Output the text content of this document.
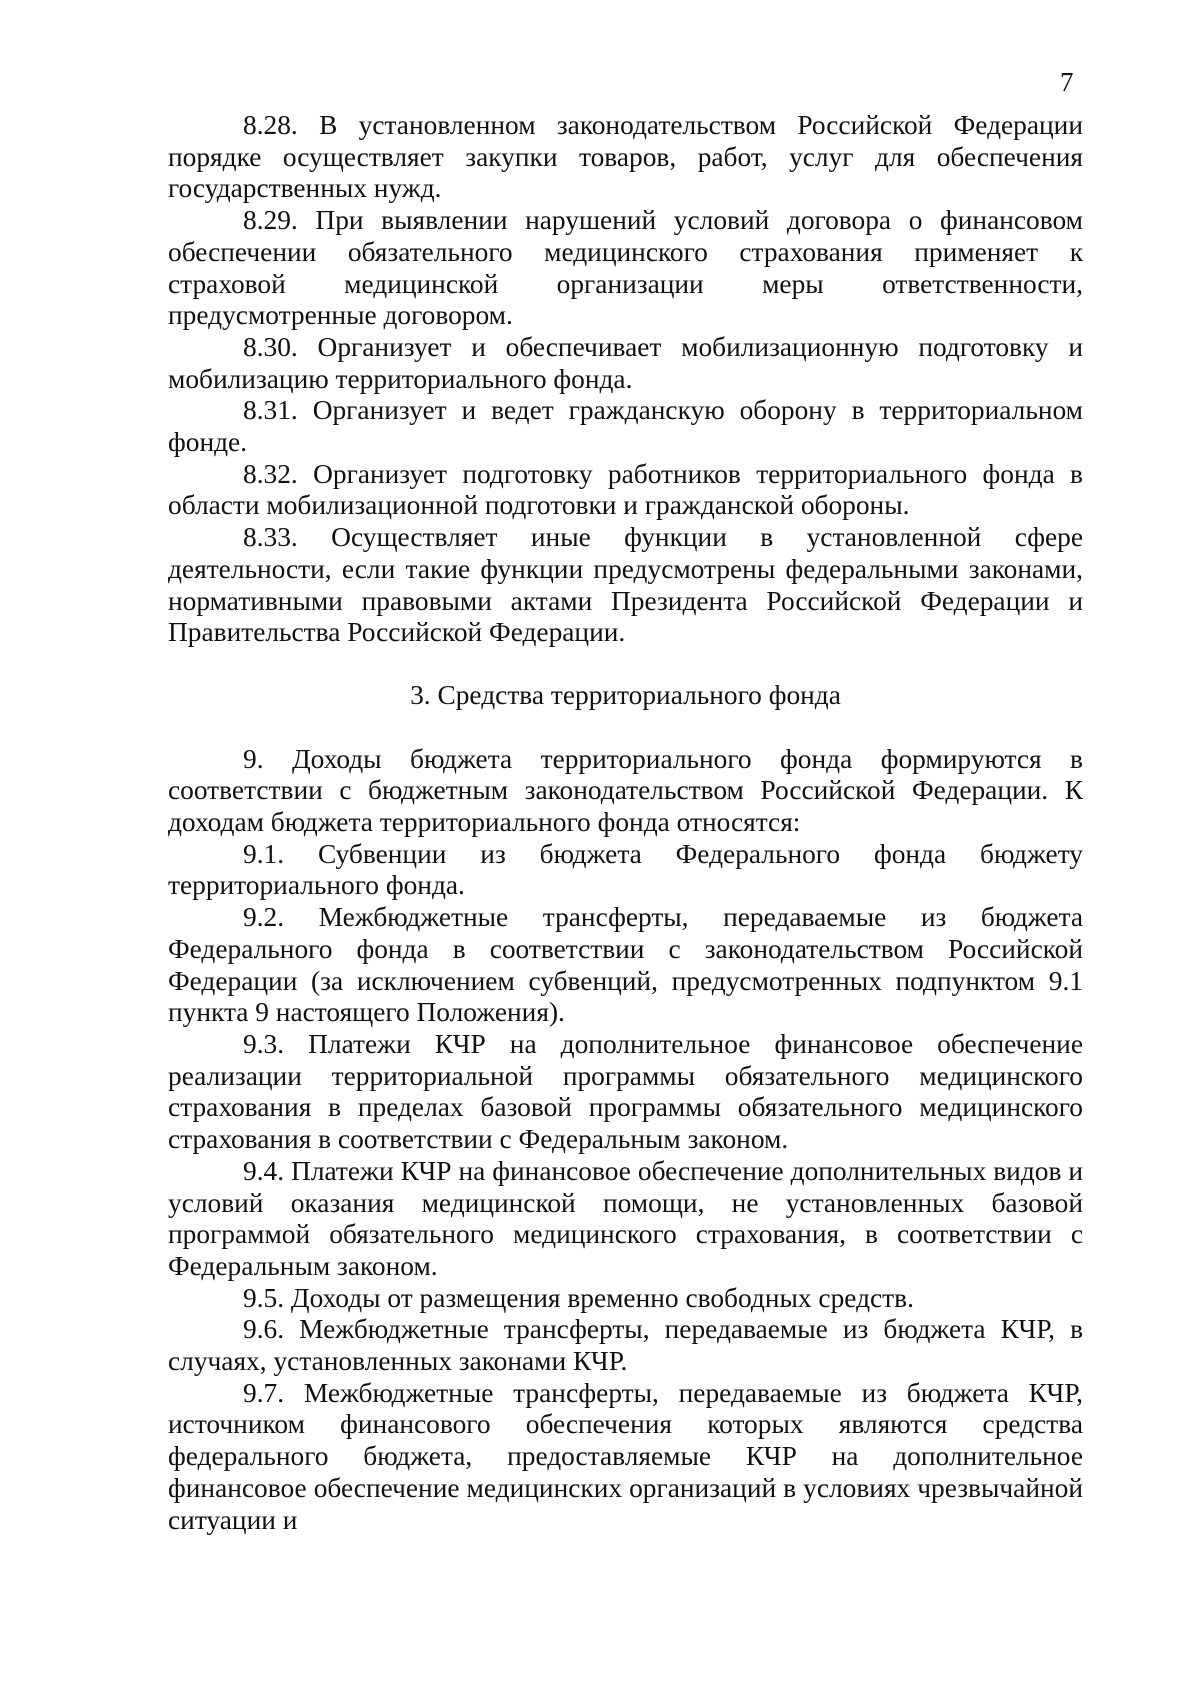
7

8.28. В установленном законодательством Российской Федерации порядке осуществляет закупки товаров, работ, услуг для обеспечения государственных нужд.

8.29. При выявлении нарушений условий договора о финансовом обеспечении обязательного медицинского страхования применяет к страховой медицинской организации меры ответственности, предусмотренные договором.

8.30. Организует и обеспечивает мобилизационную подготовку и мобилизацию территориального фонда.

8.31. Организует и ведет гражданскую оборону в территориальном фонде.

8.32. Организует подготовку работников территориального фонда в области мобилизационной подготовки и гражданской обороны.

8.33. Осуществляет иные функции в установленной сфере деятельности, если такие функции предусмотрены федеральными законами, нормативными правовыми актами Президента Российской Федерации и Правительства Российской Федерации.

3. Средства территориального фонда

9. Доходы бюджета территориального фонда формируются в соответствии с бюджетным законодательством Российской Федерации. К доходам бюджета территориального фонда относятся:

9.1. Субвенции из бюджета Федерального фонда бюджету территориального фонда.

9.2. Межбюджетные трансферты, передаваемые из бюджета Федерального фонда в соответствии с законодательством Российской Федерации (за исключением субвенций, предусмотренных подпунктом 9.1 пункта 9 настоящего Положения).

9.3. Платежи КЧР на дополнительное финансовое обеспечение реализации территориальной программы обязательного медицинского страхования в пределах базовой программы обязательного медицинского страхования в соответствии с Федеральным законом.

9.4. Платежи КЧР на финансовое обеспечение дополнительных видов и условий оказания медицинской помощи, не установленных базовой программой обязательного медицинского страхования, в соответствии с Федеральным законом.

9.5. Доходы от размещения временно свободных средств.

9.6. Межбюджетные трансферты, передаваемые из бюджета КЧР, в случаях, установленных законами КЧР.

9.7. Межбюджетные трансферты, передаваемые из бюджета КЧР, источником финансового обеспечения которых являются средства федерального бюджета, предоставляемые КЧР на дополнительное финансовое обеспечение медицинских организаций в условиях чрезвычайной ситуации и
